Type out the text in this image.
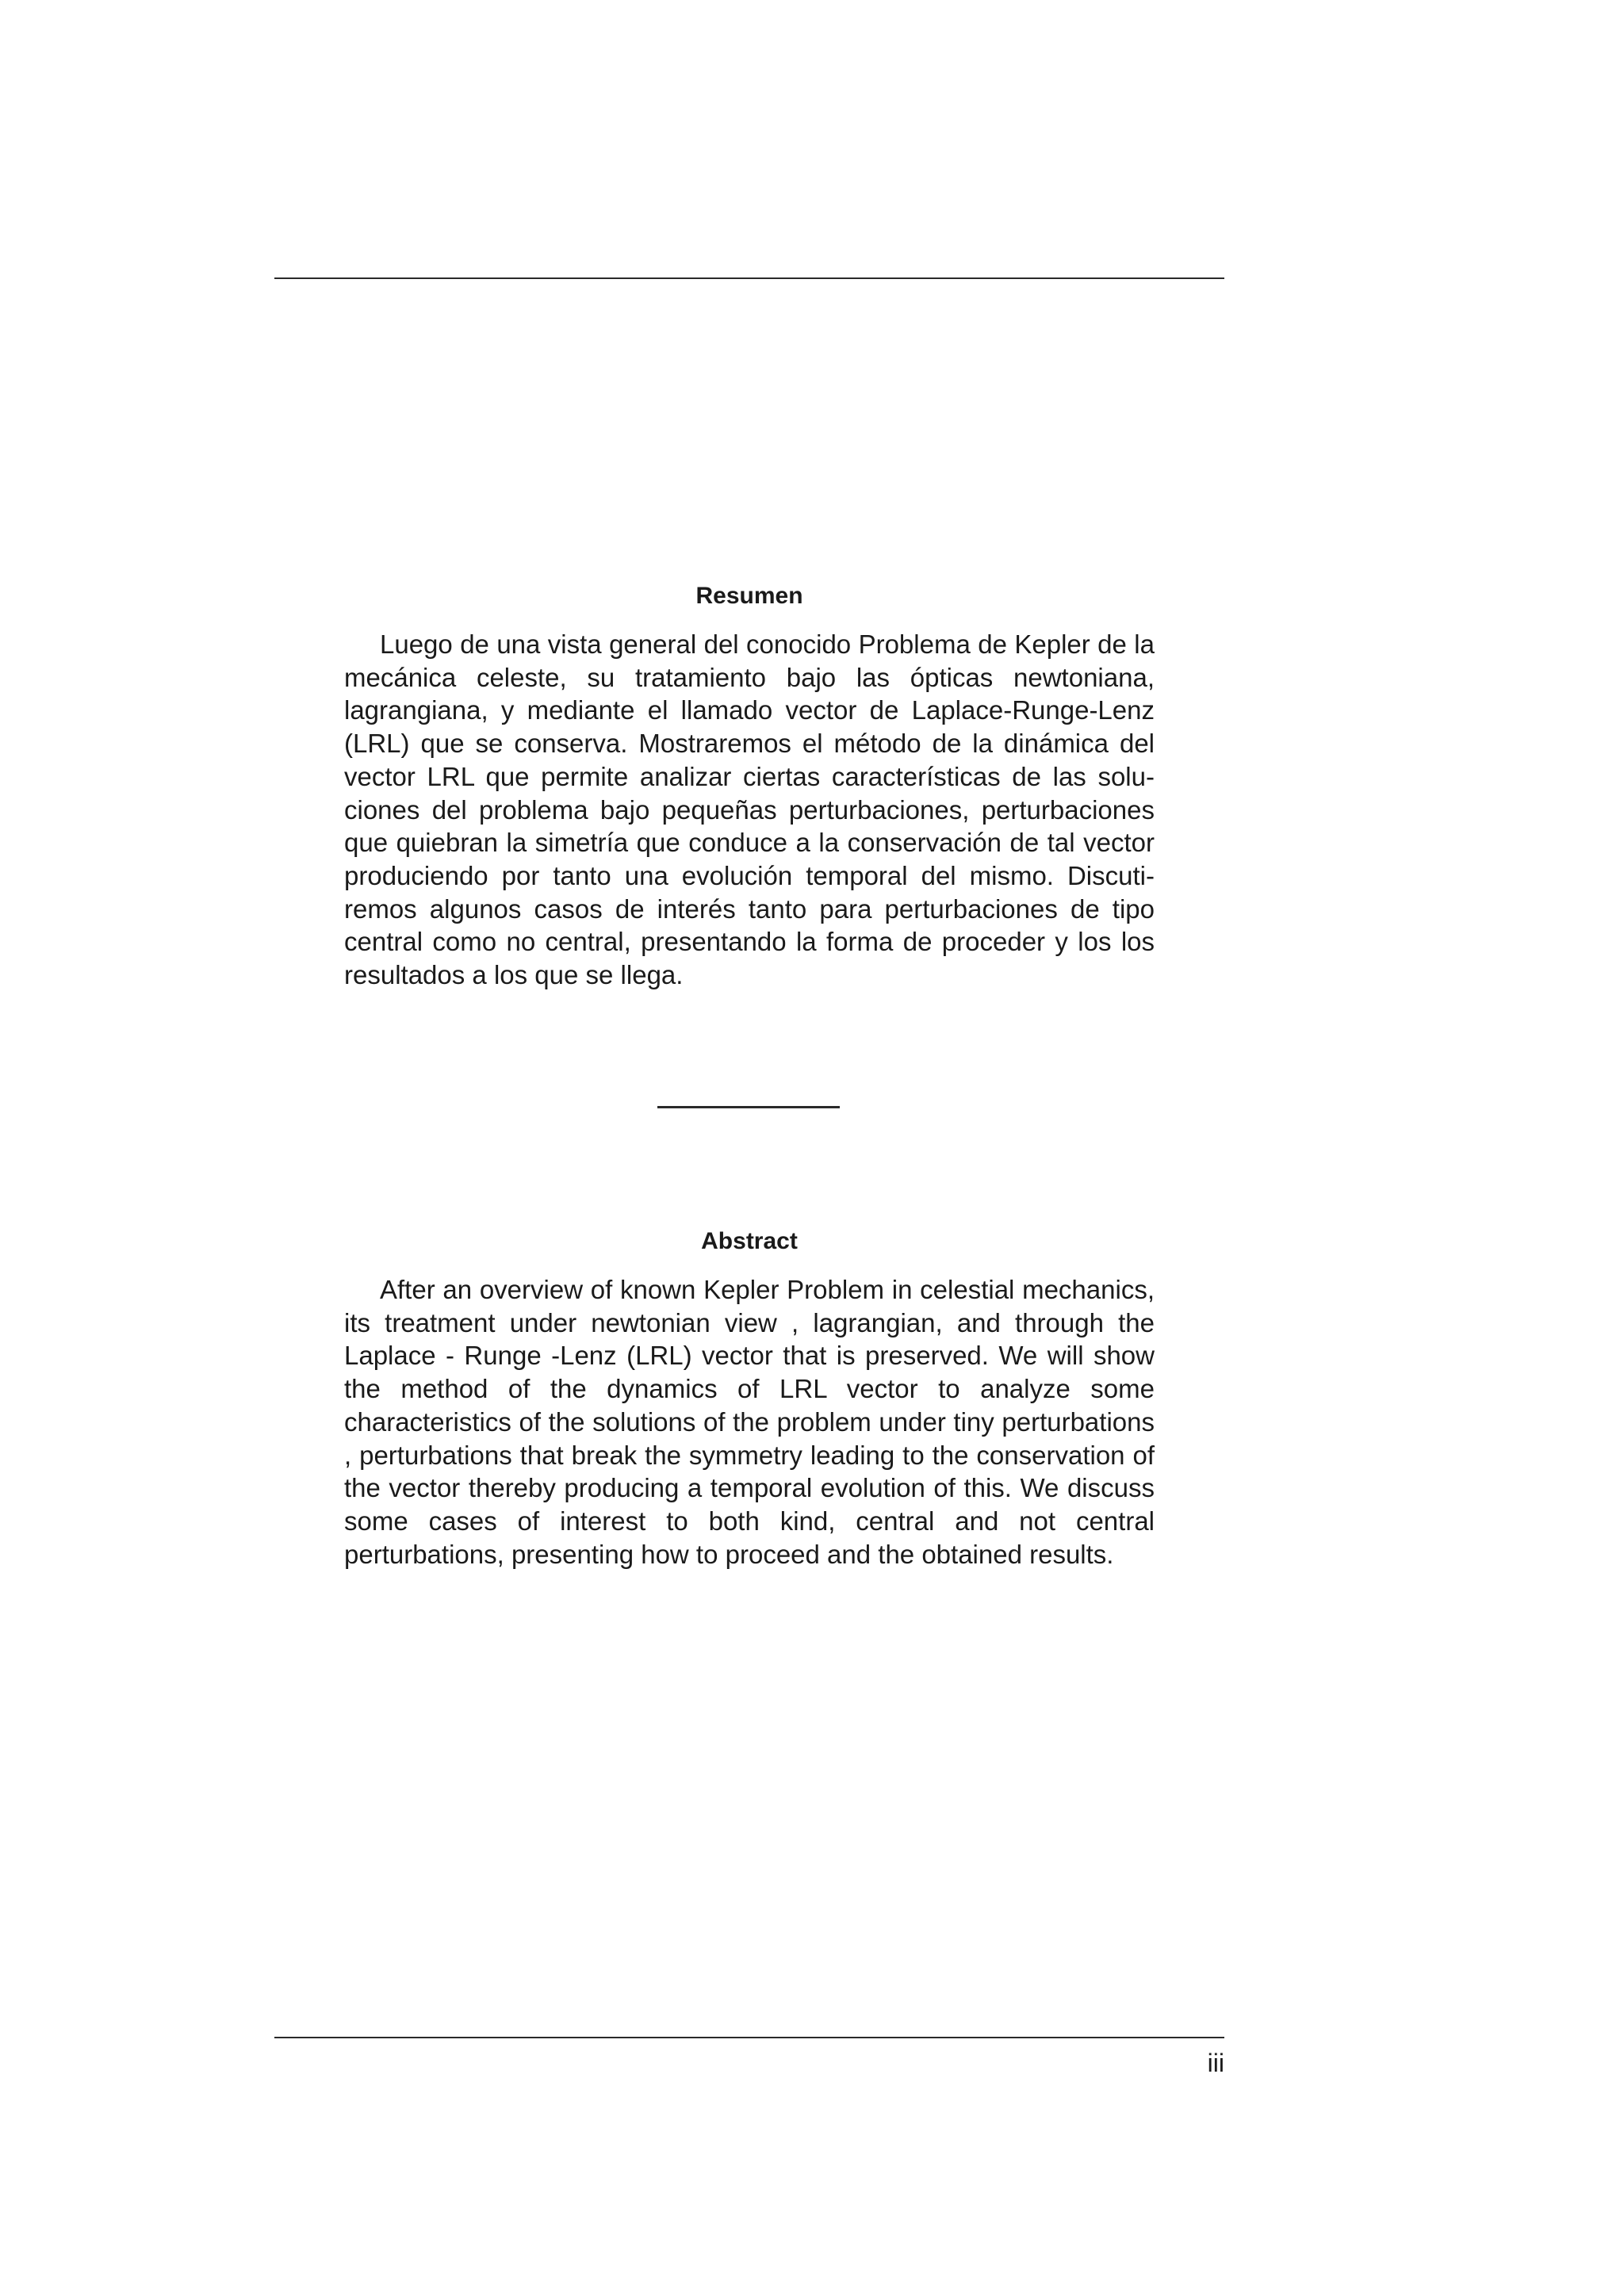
Resumen

Luego de una vista general del conocido Problema de Kepler de la mecánica celeste, su tratamiento bajo las ópticas newtoniana, lagrangiana, y mediante el llamado vector de Laplace-Runge-Lenz (LRL) que se conserva. Mostraremos el método de la dinámica del vector LRL que permite analizar ciertas características de las soluciones del problema bajo pequeñas perturbaciones, perturbaciones que quiebran la simetría que conduce a la conservación de tal vector produciendo por tanto una evolución temporal del mismo. Discutiremos algunos casos de interés tanto para perturbaciones de tipo central como no central, presentando la forma de proceder y los los resultados a los que se llega.

Abstract

After an overview of known Kepler Problem in celestial mechanics, its treatment under newtonian view , lagrangian, and through the Laplace - Runge -Lenz (LRL) vector that is preserved. We will show the method of the dynamics of LRL vector to analyze some characteristics of the solutions of the problem under tiny perturbations , perturbations that break the symmetry leading to the conservation of the vector thereby producing a temporal evolution of this. We discuss some cases of interest to both kind, central and not central perturbations, presenting how to proceed and the obtained results.

iii
